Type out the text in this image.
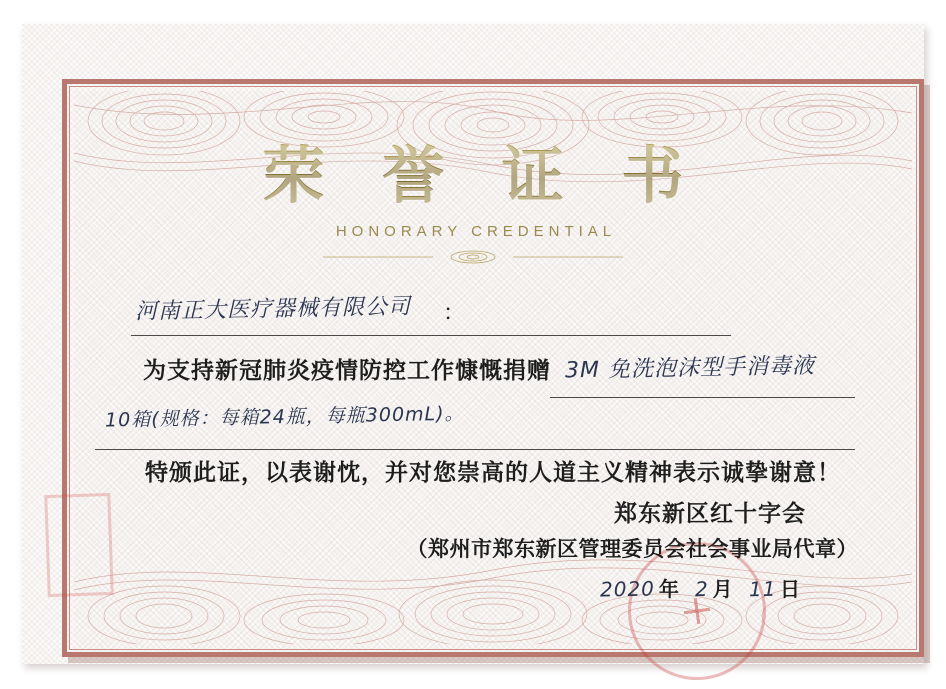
荣 誉 证 书
HONORARY CREDENTIAL
河南正大医疗器械有限公司 ：
为支持新冠肺炎疫情防控工作慷慨捐赠 3M 免洗泡沫型手消毒液
10箱(规格：每箱24瓶，每瓶300mL)。
特颁此证，以表谢忱，并对您崇高的人道主义精神表示诚挚谢意！
郑东新区红十字会
（郑州市郑东新区管理委员会社会事业局代章）
2020 年 2 月 11 日
